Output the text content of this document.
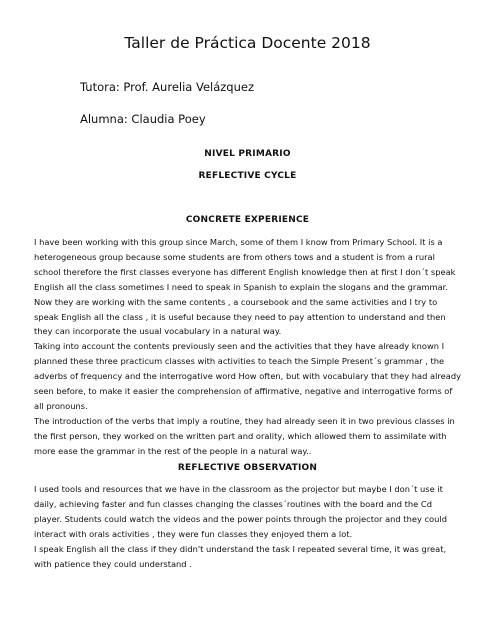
Taller de Práctica Docente 2018
Tutora: Prof. Aurelia Velázquez
Alumna: Claudia Poey
NIVEL PRIMARIO
REFLECTIVE CYCLE
CONCRETE EXPERIENCE

I have been working with this group since March, some of them I know from Primary School. It is a heterogeneous group because some students are from others tows and a student is from a rural school therefore the first classes everyone has different English knowledge then at first I don´t speak English all the class sometimes I need to speak in Spanish to explain the slogans and the grammar. Now they are working with the same contents , a coursebook and the same activities and I try to speak English all the class , it is useful because they need to pay attention to understand and then they can incorporate the usual vocabulary in a natural way.

Taking into account the contents previously seen and the activities that they have already known I planned these three practicum classes with activities to teach the Simple Present´s grammar , the adverbs of frequency and the interrogative word How often, but with vocabulary that they had already seen before, to make it easier the comprehension of affirmative, negative and interrogative forms of all pronouns.

The introduction of the verbs that imply a routine, they had already seen it in two previous classes in the first person, they worked on the written part and orality, which allowed them to assimilate with more ease the grammar in the rest of the people in a natural way..

REFLECTIVE OBSERVATION

I used tools and resources that we have in the classroom as the projector but maybe I don´t use it daily, achieving faster and fun classes changing the classes´routines with the board and the Cd player. Students could watch the videos and the power points through the projector and they could interact with orals activities , they were fun classes they enjoyed them a lot.

I speak English all the class if they didn't understand the task I repeated several time, it was great, with patience they could understand .
